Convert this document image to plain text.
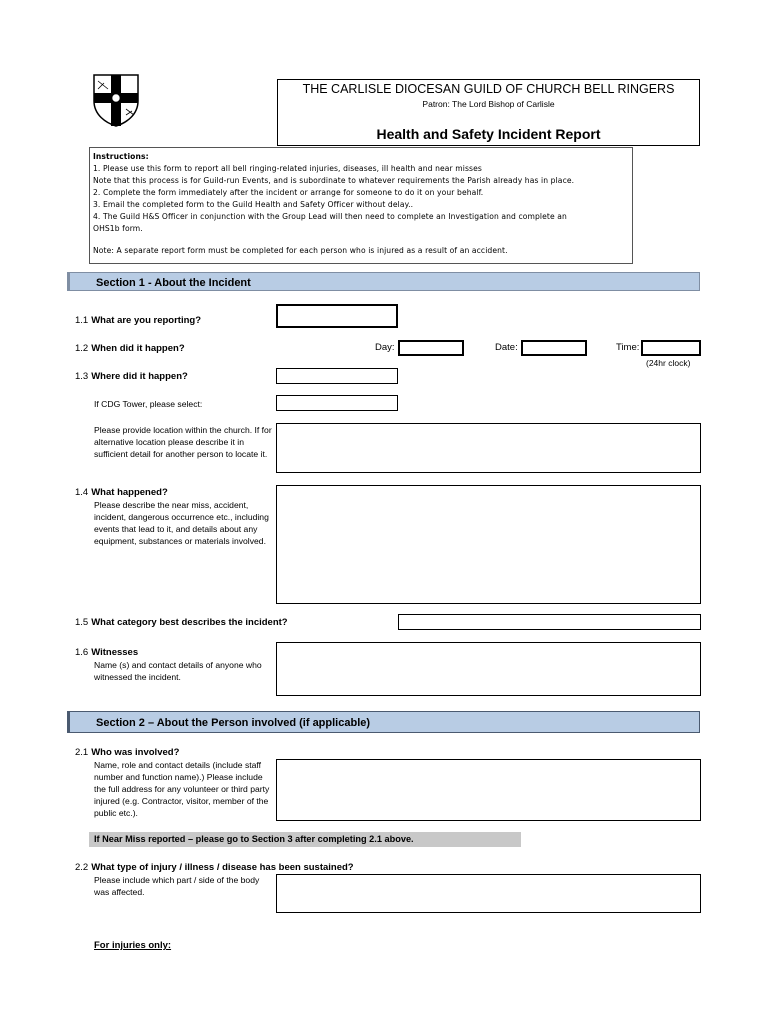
THE CARLISLE DIOCESAN GUILD OF CHURCH BELL RINGERS
Patron: The Lord Bishop of Carlisle
Health and Safety Incident Report
Instructions:
1. Please use this form to report all bell ringing-related injuries, diseases, ill health and near misses
Note that this process is for Guild-run Events, and is subordinate to whatever requirements the Parish already has in place.
2. Complete the form immediately after the incident or arrange for someone to do it on your behalf.
3. Email the completed form to the Guild Health and Safety Officer without delay..
4. The Guild H&S Officer in conjunction with the Group Lead will then need to complete an Investigation and complete an
OHS1b form.
Note: A separate report form must be completed for each person who is injured as a result of an accident.
Section 1 - About the Incident
1.1 What are you reporting?
1.2 When did it happen?	Day:	Date:	Time:
(24hr clock)
1.3 Where did it happen?
If CDG Tower, please select:
Please provide location within the church. If for alternative location please describe it in sufficient detail for another person to locate it.
1.4 What happened?
Please describe the near miss, accident, incident, dangerous occurrence etc., including events that lead to it, and details about any equipment, substances or materials involved.
1.5 What category best describes the incident?
1.6 Witnesses
Name (s) and contact details of anyone who witnessed the incident.
Section 2 – About the Person involved (if applicable)
2.1 Who was involved?
Name, role and contact details (include staff number and function name).) Please include the full address for any volunteer or third party injured (e.g. Contractor, visitor, member of the public etc.).
If Near Miss reported – please go to Section 3 after completing 2.1 above.
2.2 What type of injury / illness / disease has been sustained?
Please include which part / side of the body was affected.
For injuries only:
